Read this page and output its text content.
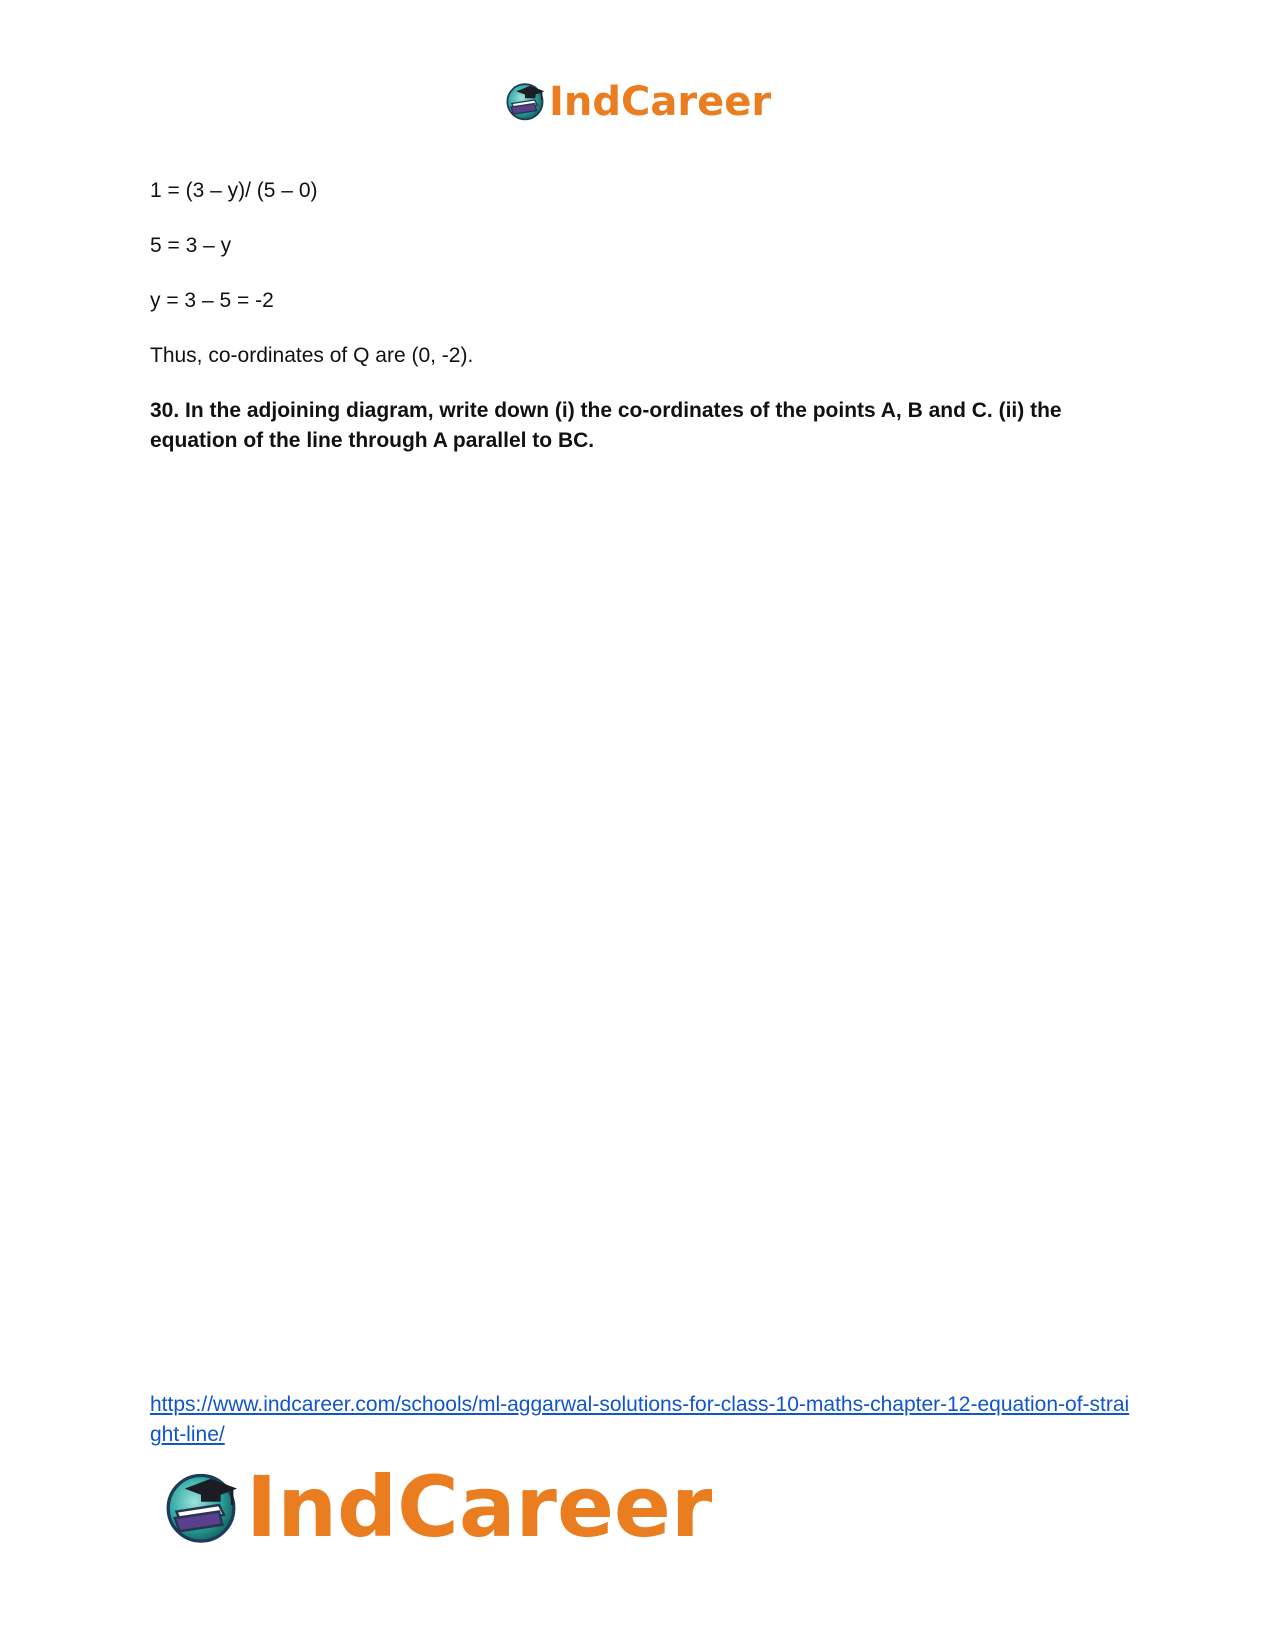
IndCareer

1 = (3 – y)/ (5 – 0)

5 = 3 – y

y = 3 – 5 = -2

Thus, co-ordinates of Q are (0, -2).

30. In the adjoining diagram, write down (i) the co-ordinates of the points A, B and C. (ii) the equation of the line through A parallel to BC.

https://www.indcareer.com/schools/ml-aggarwal-solutions-for-class-10-maths-chapter-12-equation-of-straight-line/
IndCareer
